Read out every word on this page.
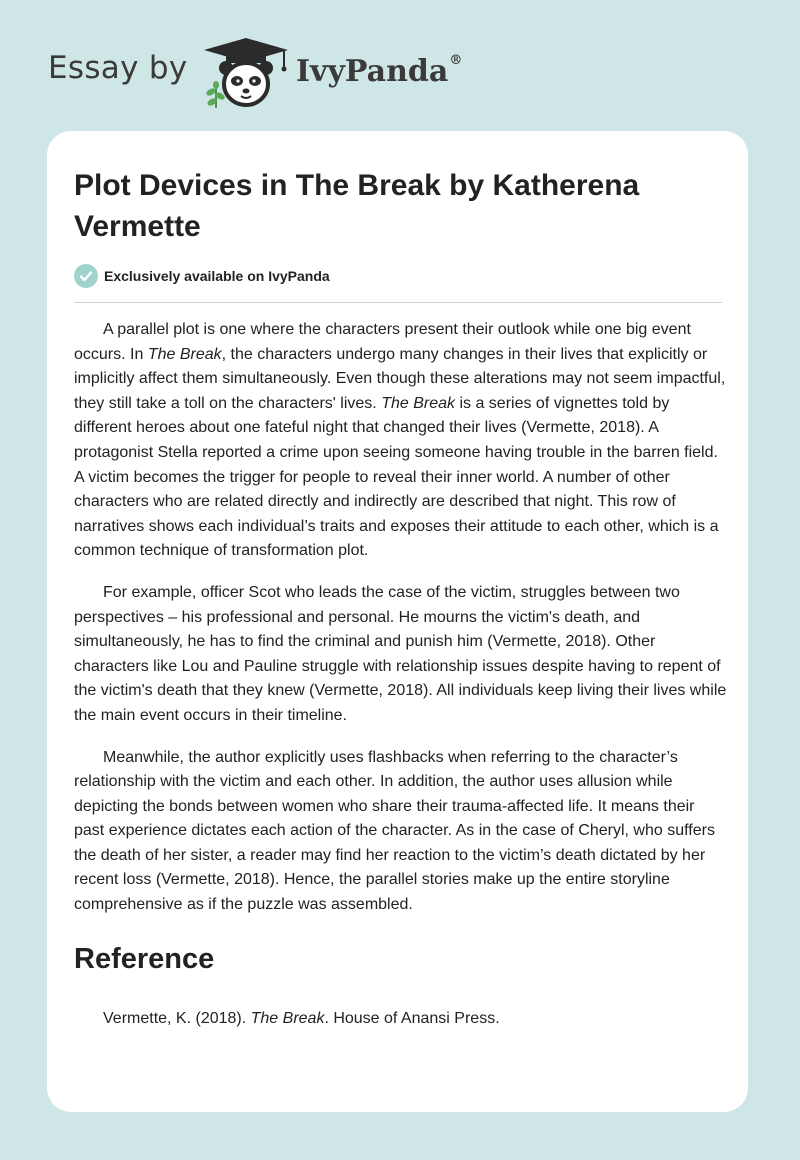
Essay by	IvyPanda®
Plot Devices in The Break by Katherena Vermette
Exclusively available on IvyPanda

A parallel plot is one where the characters present their outlook while one big event occurs. In The Break, the characters undergo many changes in their lives that explicitly or implicitly affect them simultaneously. Even though these alterations may not seem impactful, they still take a toll on the characters' lives. The Break is a series of vignettes told by different heroes about one fateful night that changed their lives (Vermette, 2018). A protagonist Stella reported a crime upon seeing someone having trouble in the barren field. A victim becomes the trigger for people to reveal their inner world. A number of other characters who are related directly and indirectly are described that night. This row of narratives shows each individual’s traits and exposes their attitude to each other, which is a common technique of transformation plot.

For example, officer Scot who leads the case of the victim, struggles between two perspectives – his professional and personal. He mourns the victim's death, and simultaneously, he has to find the criminal and punish him (Vermette, 2018). Other characters like Lou and Pauline struggle with relationship issues despite having to repent of the victim's death that they knew (Vermette, 2018). All individuals keep living their lives while the main event occurs in their timeline.

Meanwhile, the author explicitly uses flashbacks when referring to the character’s relationship with the victim and each other. In addition, the author uses allusion while depicting the bonds between women who share their trauma-affected life. It means their past experience dictates each action of the character. As in the case of Cheryl, who suffers the death of her sister, a reader may find her reaction to the victim’s death dictated by her recent loss (Vermette, 2018). Hence, the parallel stories make up the entire storyline comprehensive as if the puzzle was assembled.

Reference

Vermette, K. (2018). The Break. House of Anansi Press.
